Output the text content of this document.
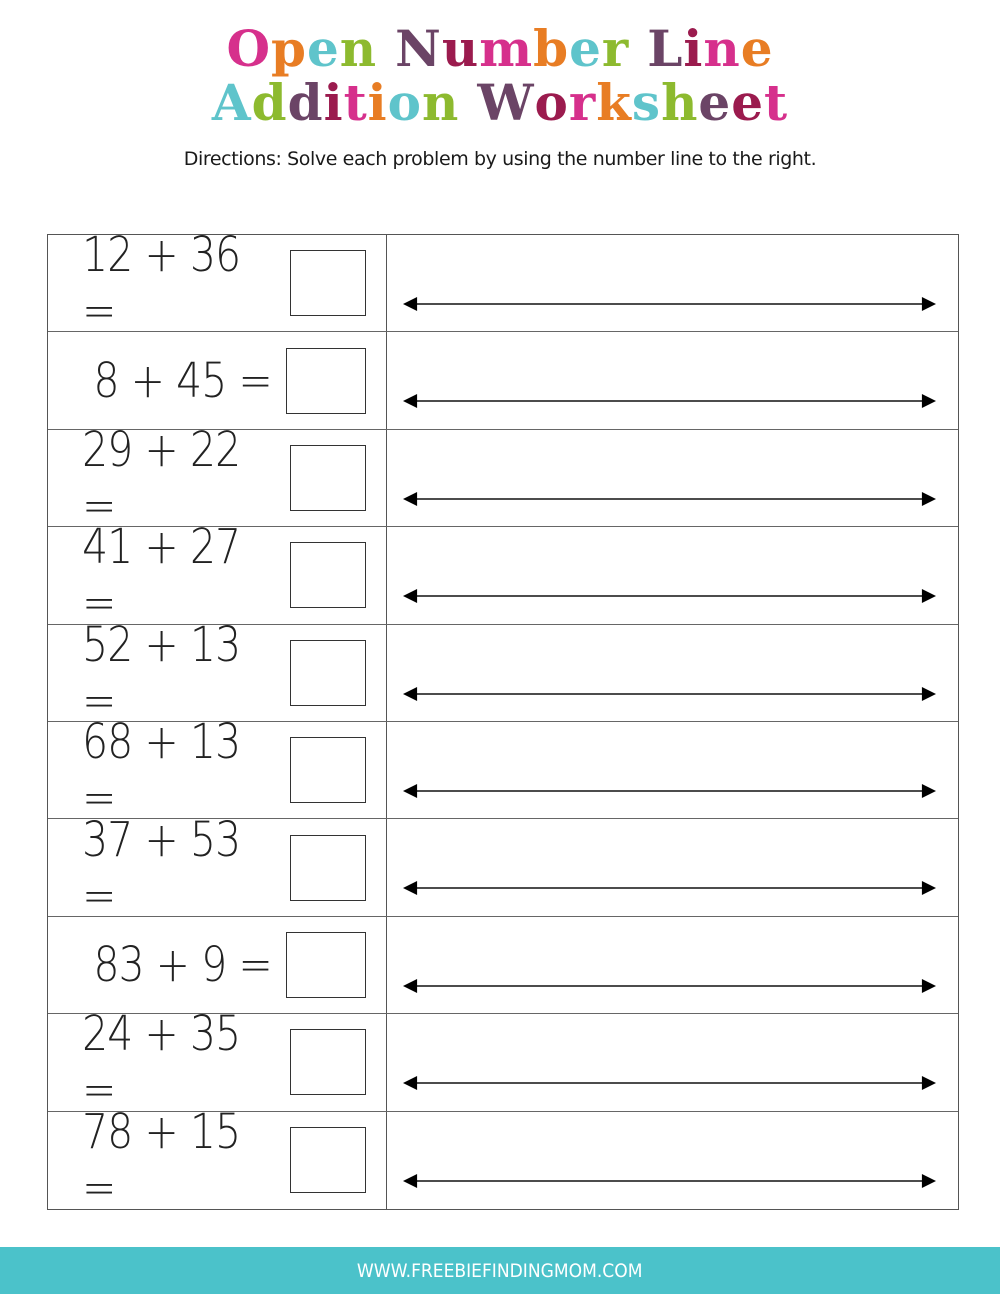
Open Number Line
Addition Worksheet
Directions: Solve each problem by using the number line to the right.
12 + 36 =
8 + 45 =
29 + 22 =
41 + 27 =
52 + 13 =
68 + 13 =
37 + 53 =
83 + 9 =
24 + 35 =
78 + 15 =
WWW.FREEBIEFINDINGMOM.COM
